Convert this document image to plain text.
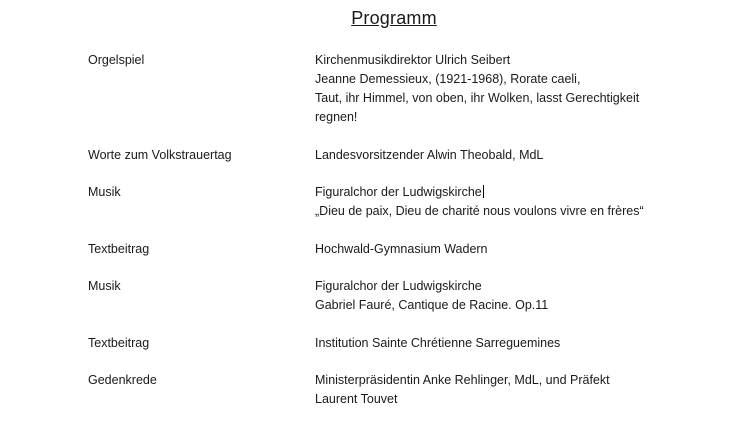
Programm
Orgelspiel	Kirchenmusikdirektor Ulrich Seibert
Jeanne Demessieux, (1921-1968), Rorate caeli,
Taut, ihr Himmel, von oben, ihr Wolken, lasst Gerechtigkeit
regnen!
Worte zum Volkstrauertag	Landesvorsitzender Alwin Theobald, MdL
Musik	Figuralchor der Ludwigskirche
„Dieu de paix, Dieu de charité nous voulons vivre en frères“
Textbeitrag	Hochwald-Gymnasium Wadern
Musik	Figuralchor der Ludwigskirche
Gabriel Fauré, Cantique de Racine. Op.11
Textbeitrag	Institution Sainte Chrétienne Sarreguemines
Gedenkrede	Ministerpräsidentin Anke Rehlinger, MdL, und Präfekt
Laurent Touvet
